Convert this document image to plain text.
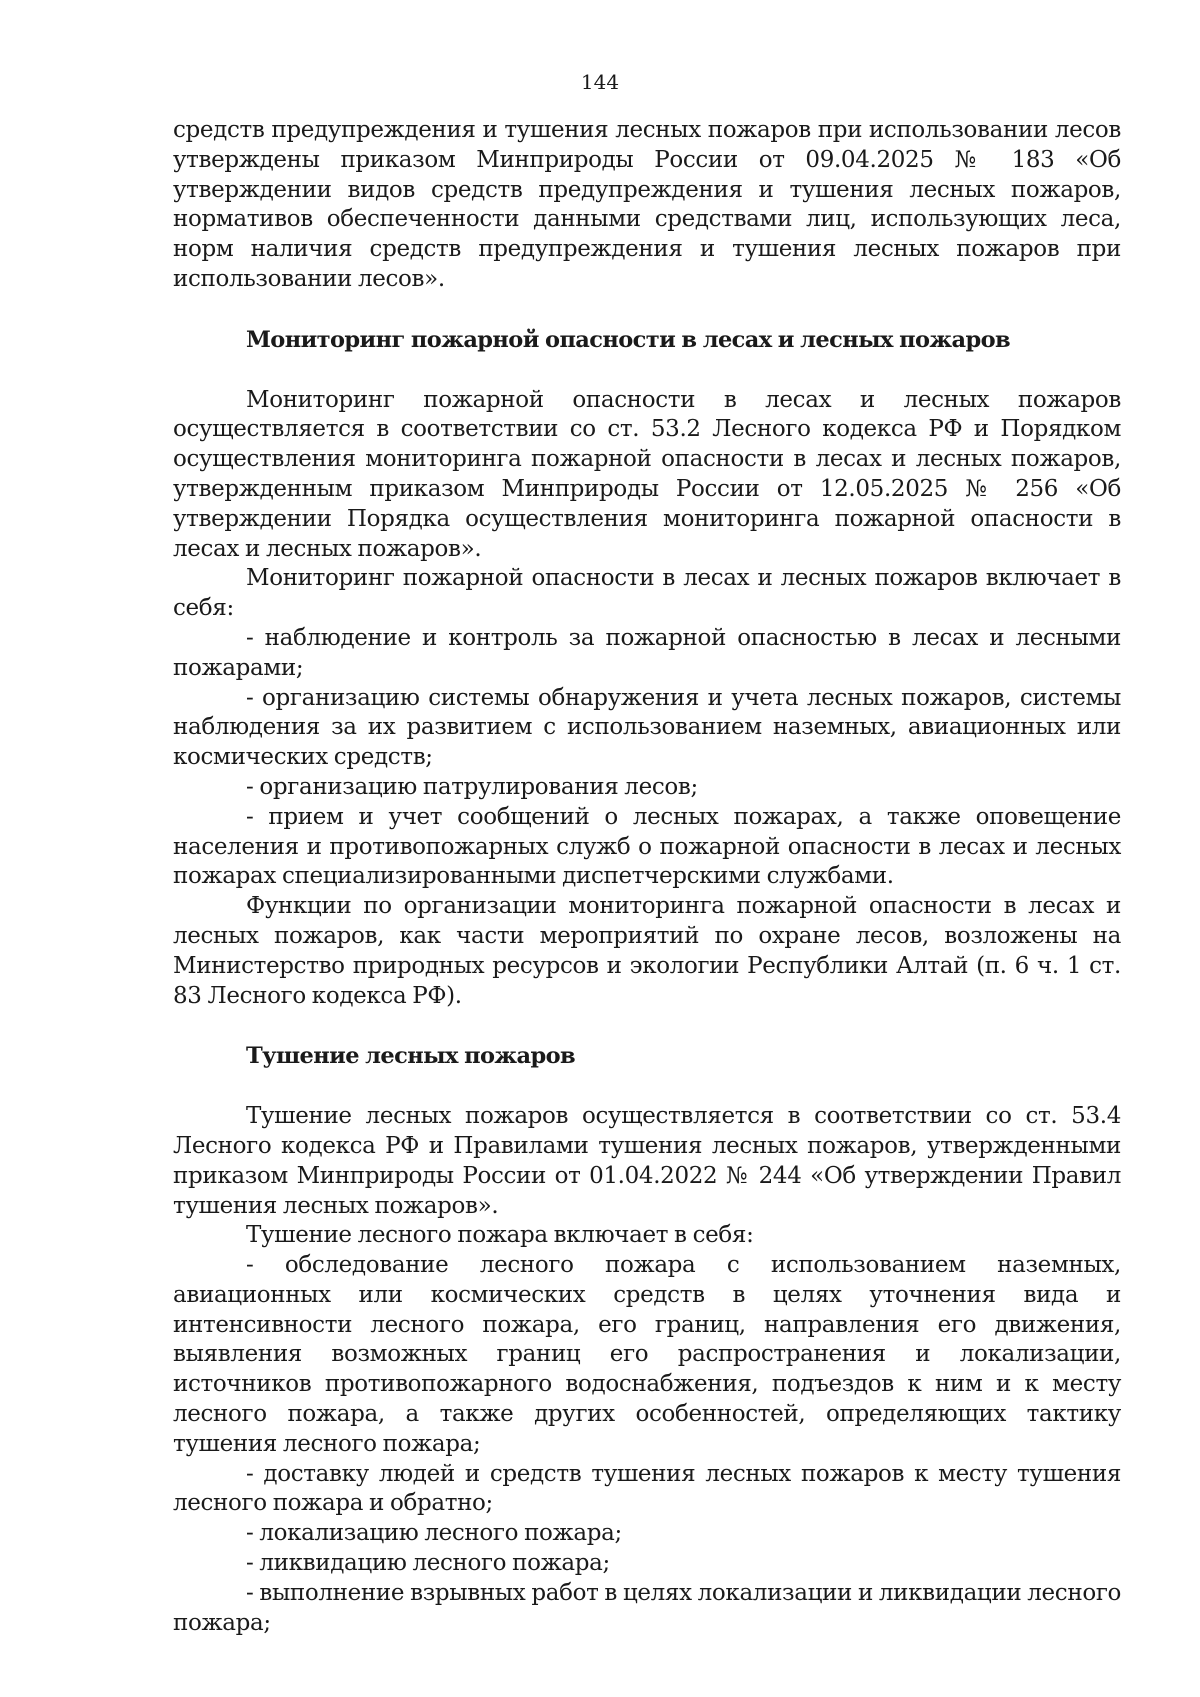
144

средств предупреждения и тушения лесных пожаров при использовании лесов утверждены приказом Минприроды России от 09.04.2025 № 183 «Об утверждении видов средств предупреждения и тушения лесных пожаров, нормативов обеспеченности данными средствами лиц, использующих леса, норм наличия средств предупреждения и тушения лесных пожаров при использовании лесов».

Мониторинг пожарной опасности в лесах и лесных пожаров

Мониторинг пожарной опасности в лесах и лесных пожаров осуществляется в соответствии со ст. 53.2 Лесного кодекса РФ и Порядком осуществления мониторинга пожарной опасности в лесах и лесных пожаров, утвержденным приказом Минприроды России от 12.05.2025 № 256 «Об утверждении Порядка осуществления мониторинга пожарной опасности в лесах и лесных пожаров».

Мониторинг пожарной опасности в лесах и лесных пожаров включает в себя:

- наблюдение и контроль за пожарной опасностью в лесах и лесными пожарами;

- организацию системы обнаружения и учета лесных пожаров, системы наблюдения за их развитием с использованием наземных, авиационных или космических средств;

- организацию патрулирования лесов;

- прием и учет сообщений о лесных пожарах, а также оповещение населения и противопожарных служб о пожарной опасности в лесах и лесных пожарах специализированными диспетчерскими службами.

Функции по организации мониторинга пожарной опасности в лесах и лесных пожаров, как части мероприятий по охране лесов, возложены на Министерство природных ресурсов и экологии Республики Алтай (п. 6 ч. 1 ст. 83 Лесного кодекса РФ).

Тушение лесных пожаров

Тушение лесных пожаров осуществляется в соответствии со ст. 53.4 Лесного кодекса РФ и Правилами тушения лесных пожаров, утвержденными приказом Минприроды России от 01.04.2022 № 244 «Об утверждении Правил тушения лесных пожаров».

Тушение лесного пожара включает в себя:

- обследование лесного пожара с использованием наземных, авиационных или космических средств в целях уточнения вида и интенсивности лесного пожара, его границ, направления его движения, выявления возможных границ его распространения и локализации, источников противопожарного водоснабжения, подъездов к ним и к месту лесного пожара, а также других особенностей, определяющих тактику тушения лесного пожара;

- доставку людей и средств тушения лесных пожаров к месту тушения лесного пожара и обратно;

- локализацию лесного пожара;

- ликвидацию лесного пожара;

- выполнение взрывных работ в целях локализации и ликвидации лесного пожара;
